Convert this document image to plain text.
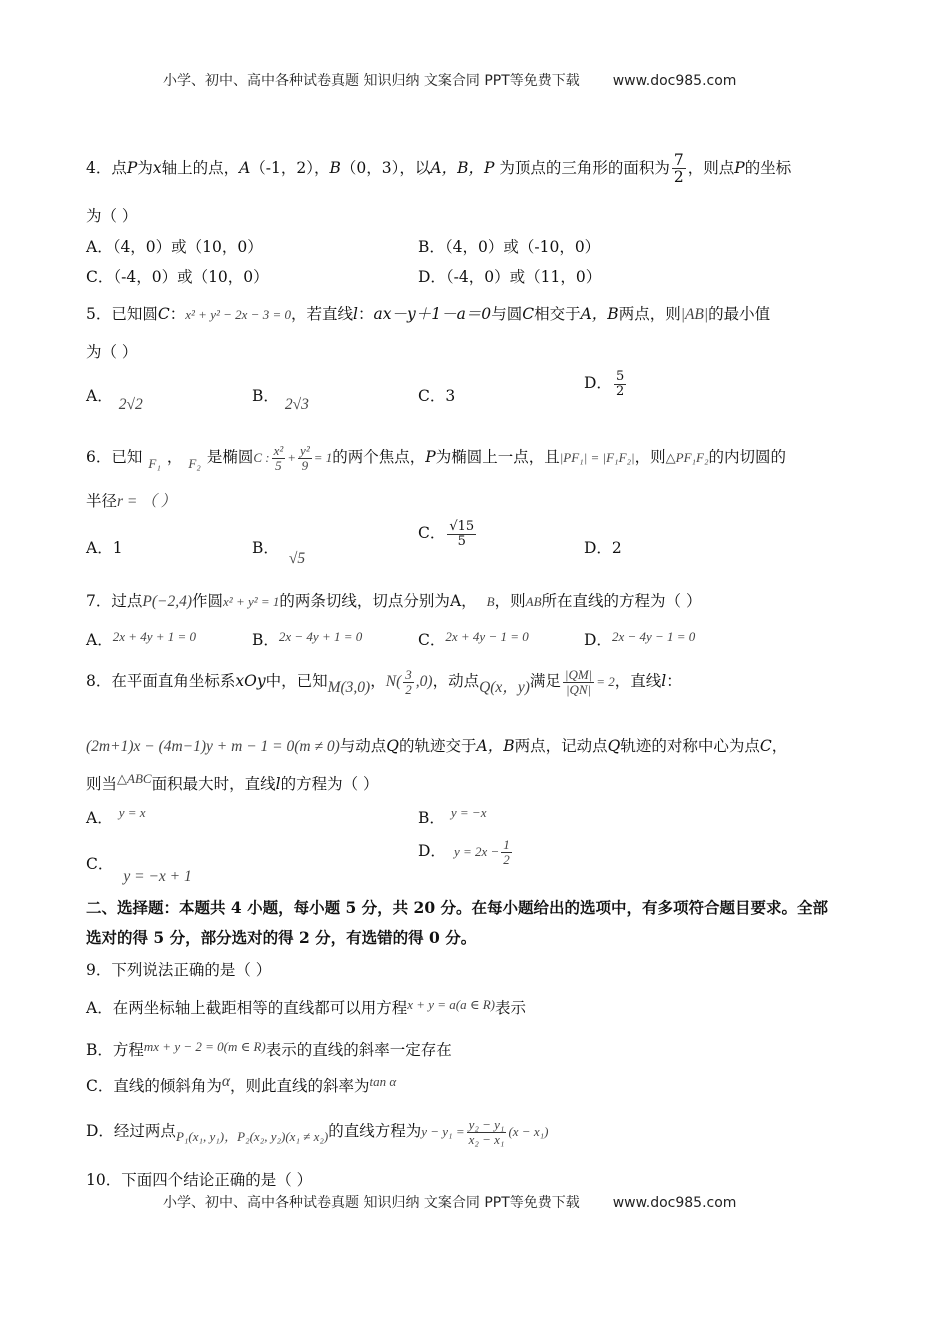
小学、初中、高中各种试卷真题 知识归纳 文案合同 PPT等免费下载 www.doc985.com
4．点P为x轴上的点，A（-1，2），B（0，3），以A，B，P 为顶点的三角形的面积为 $\frac{7}{2}$ ，则点P的坐标
为（ ）
A．（4，0）或（10，0）	B．（4，0）或（-10，0）
C．（-4，0）或（10，0）	D．（-4，0）或（11，0）
5．已知圆C：x² + y² − 2x − 3 = 0，若直线l：ax－y＋1－a＝0与圆C相交于A，B两点，则|AB|的最小值
为（ ）
A． 2√2	B． 2√3	C．3
D． $\frac{5}{2}$
6．已知 $_{F_1}$ ， $_{F_2}$ 是椭圆C : $\frac{\text{x²}}{5} + \frac{\text{y²}}{9} = 1$的两个焦点，P为椭圆上一点，且|PF₁| = |F₁F₂|，则△PF₁F₂的内切圆的
半径r = （ ）
A．1	B．√5
C． $\frac{√15}{5}$	D．2
7．过点P(−2,4)作圆x² + y² = 1的两条切线，切点分别为A， B，则AB所在直线的方程为（ ）
A．$^{2x + 4y + 1 = 0}$	B．$^{2x - 4y + 1 = 0}$	C．$^{2x + 4y - 1 = 0}$	D．$^{2x - 4y - 1 = 0}$
8．在平面直角坐标系xOy中，已知M(3,0)，$N( \frac{3}{2} ,0)$，动点Q(x，y)满足 $\frac{|QM|}{|QN|} = 2$，直线l：
(2m+1)x − (4m−1)y + m − 1 = 0(m ≠ 0)与动点Q的轨迹交于A，B两点，记动点Q轨迹的对称中心为点C，
则当$^{\triangle ABC}$面积最大时，直线l的方程为（ ）
A． $^{y = x}$	B． $^{y = -x}$
C．y = −x + 1
D． $y = 2x - \frac{1}{2}$
二、选择题：本题共 4 小题，每小题 5 分，共 20 分。在每小题给出的选项中，有多项符合题目要求。全部
选对的得 5 分，部分选对的得 2 分，有选错的得 0 分。
9．下列说法正确的是（ ）
A．在两坐标轴上截距相等的直线都可以用方程$^{x + y = a(a \in R)}$表示
B．方程$^{mx + y - 2 = 0(m \in R)}$表示的直线的斜率一定存在
C．直线的倾斜角为α，则此直线的斜率为$^{tan \alpha}$
D．经过两点$_{P_1(x_1, y_1),P_2(x_2, y_2)(x_1 \ne x_2)}$的直线方程为$y - y_1 = \frac{\text{y₂ − y₁}}{\text{x₂ − x₁}} (x - x_1)$
10．下面四个结论正确的是（ ）
小学、初中、高中各种试卷真题 知识归纳 文案合同 PPT等免费下载 www.doc985.com
